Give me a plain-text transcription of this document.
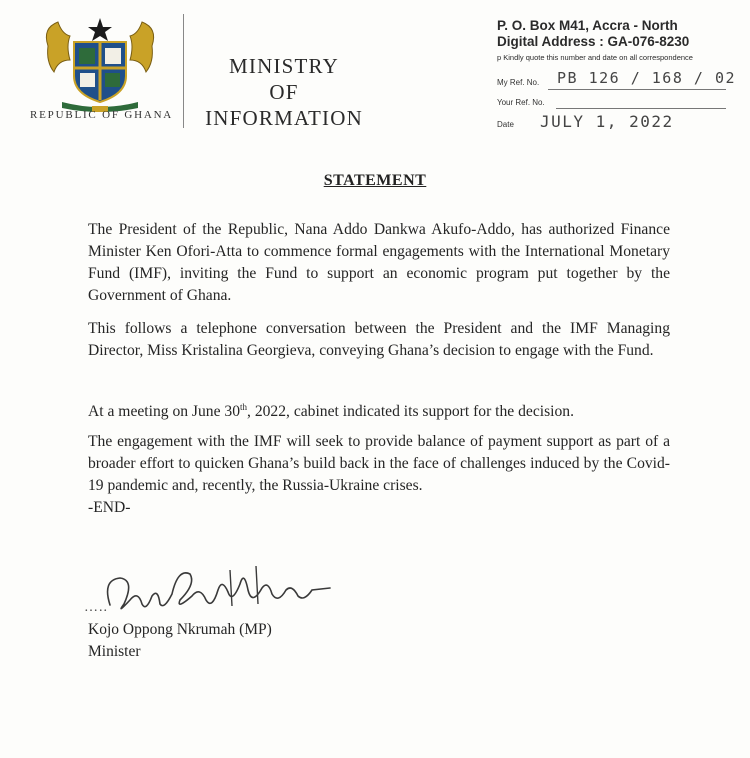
REPUBLIC OF GHANA
MINISTRY
OF
INFORMATION
P. O. Box M41, Accra - North
Digital Address : GA-076-8230
p Kindly quote this number and date on all correspondence
My Ref. No. PB 126 / 168 / 02
Your Ref. No.
Date JULY 1, 2022
STATEMENT
The President of the Republic, Nana Addo Dankwa Akufo-Addo, has authorized Finance Minister Ken Ofori-Atta to commence formal engagements with the International Monetary Fund (IMF), inviting the Fund to support an economic program put together by the Government of Ghana.
This follows a telephone conversation between the President and the IMF Managing Director, Miss Kristalina Georgieva, conveying Ghana’s decision to engage with the Fund.
At a meeting on June 30th, 2022, cabinet indicated its support for the decision.
The engagement with the IMF will seek to provide balance of payment support as part of a broader effort to quicken Ghana’s build back in the face of challenges induced by the Covid-19 pandemic and, recently, the Russia-Ukraine crises.
-END-
…..
Kojo Oppong Nkrumah (MP)
Minister
